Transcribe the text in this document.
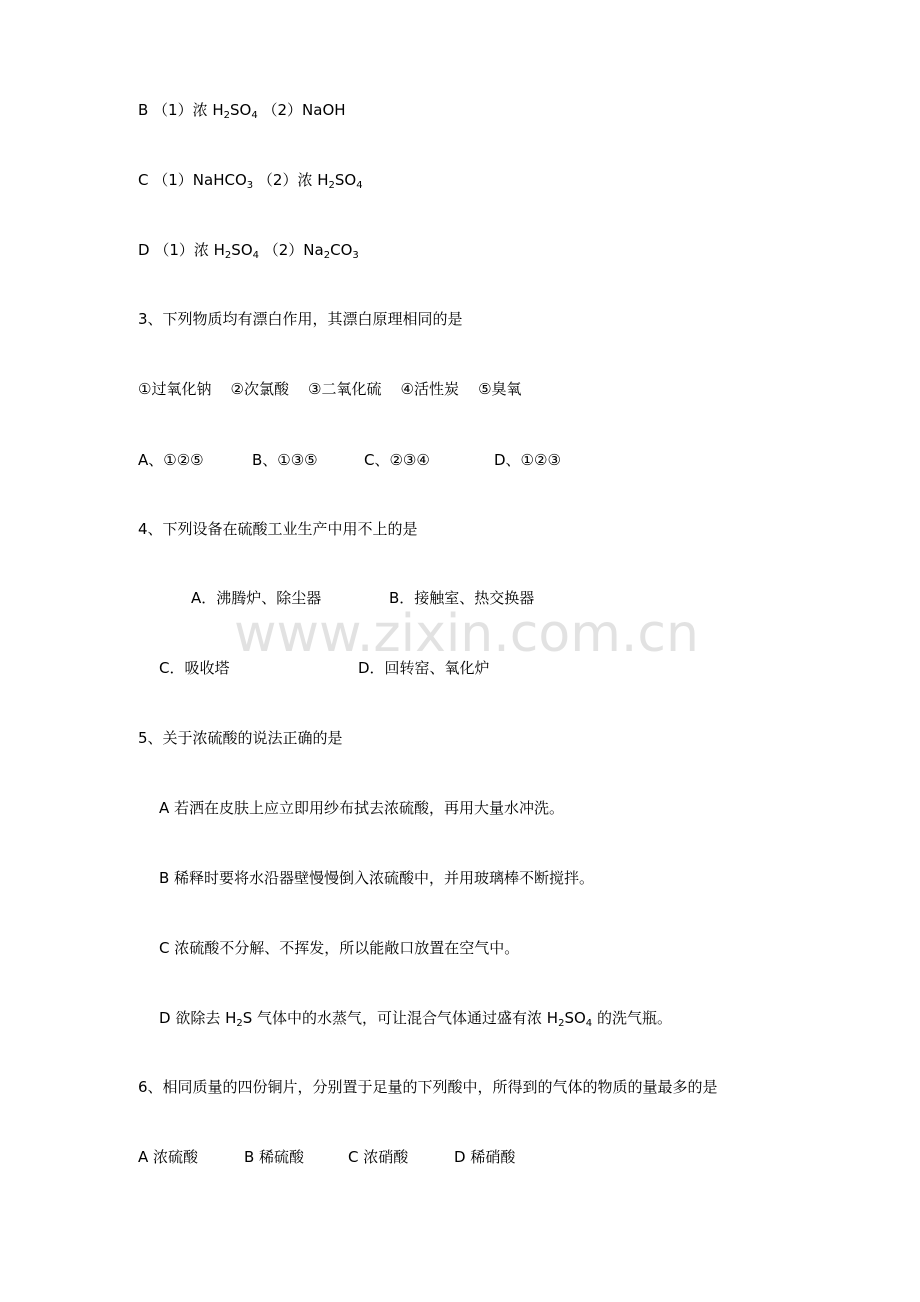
B （1）浓 $H_2SO_4$ （2）NaOH
C （1）NaHCO$_3$ （2）浓 $H_2SO_4$
D （1）浓 $H_2SO_4$ $(2)Na_2CO_3$
3、下列物质均有漂白作用，其漂白原理相同的是
①过氧化钠    ②次氯酸    ③二氧化硫    ④活性炭    ⑤臭氧
A、①②⑤	B、①③⑤	C、②③④	D、①②③
4、下列设备在硫酸工业生产中用不上的是
A．沸腾炉、除尘器	B．接触室、热交换器
C．吸收塔	D．回转窑、氧化炉
5、关于浓硫酸的说法正确的是
A 若洒在皮肤上应立即用纱布拭去浓硫酸，再用大量水冲洗。
B 稀释时要将水沿器壁慢慢倒入浓硫酸中，并用玻璃棒不断搅拌。
C 浓硫酸不分解、不挥发，所以能敞口放置在空气中。
D 欲除去 $H_2S$ 气体中的水蒸气，可让混合气体通过盛有浓 $H_2SO_4$ 的洗气瓶。
6、相同质量的四份铜片，分别置于足量的下列酸中，所得到的气体的物质的量最多的是
A 浓硫酸	B 稀硫酸	C 浓硝酸	D 稀硝酸
www.zixin.com.cn
